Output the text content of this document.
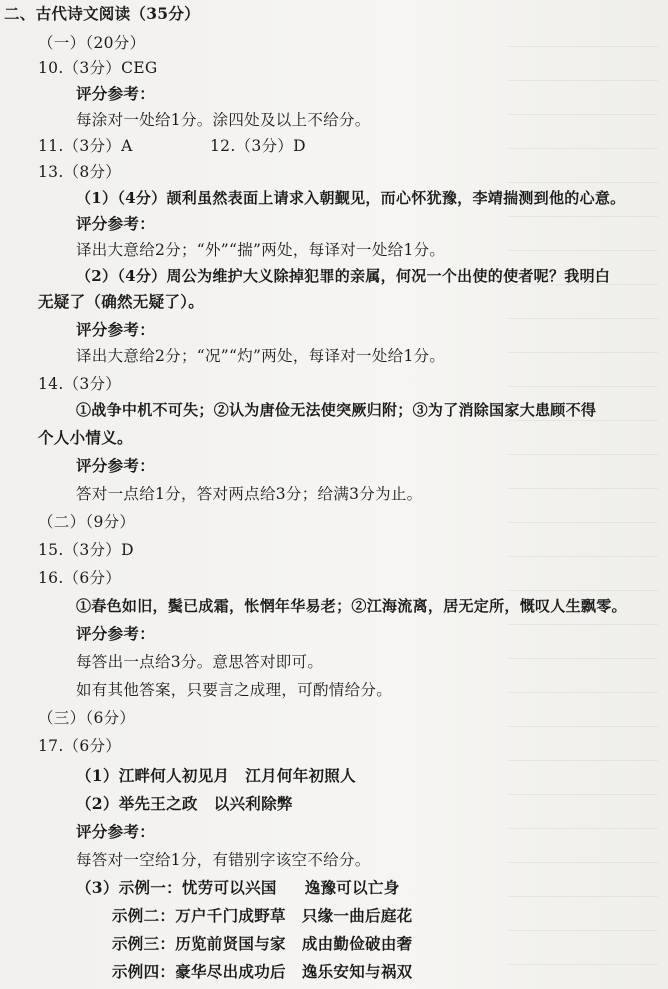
二、古代诗文阅读（35分）
（一）（20分）
10.（3分）CEG
评分参考：
每涂对一处给1分。涂四处及以上不给分。
11.（3分）A	12.（3分）D
13.（8分）
（1）（4分）颉利虽然表面上请求入朝觐见，而心怀犹豫，李靖揣测到他的心意。
评分参考：
译出大意给2分；“外”“揣”两处，每译对一处给1分。
（2）（4分）周公为维护大义除掉犯罪的亲属，何况一个出使的使者呢？我明白
无疑了（确然无疑了）。
评分参考：
译出大意给2分；“况”“灼”两处，每译对一处给1分。
14.（3分）
①战争中机不可失；②认为唐俭无法使突厥归附；③为了消除国家大患顾不得
个人小情义。
评分参考：
答对一点给1分，答对两点给3分；给满3分为止。
（二）（9分）
15.（3分）D
16.（6分）
①春色如旧，鬓已成霜，怅惘年华易老；②江海流离，居无定所，慨叹人生飘零。
评分参考：
每答出一点给3分。意思答对即可。
如有其他答案，只要言之成理，可酌情给分。
（三）（6分）
17.（6分）
（1）江畔何人初见月 江月何年初照人
（2）举先王之政 以兴利除弊
评分参考：
每答对一空给1分，有错别字该空不给分。
（3）示例一：忧劳可以兴国 逸豫可以亡身
示例二：万户千门成野草 只缘一曲后庭花
示例三：历览前贤国与家 成由勤俭破由奢
示例四：豪华尽出成功后 逸乐安知与祸双
